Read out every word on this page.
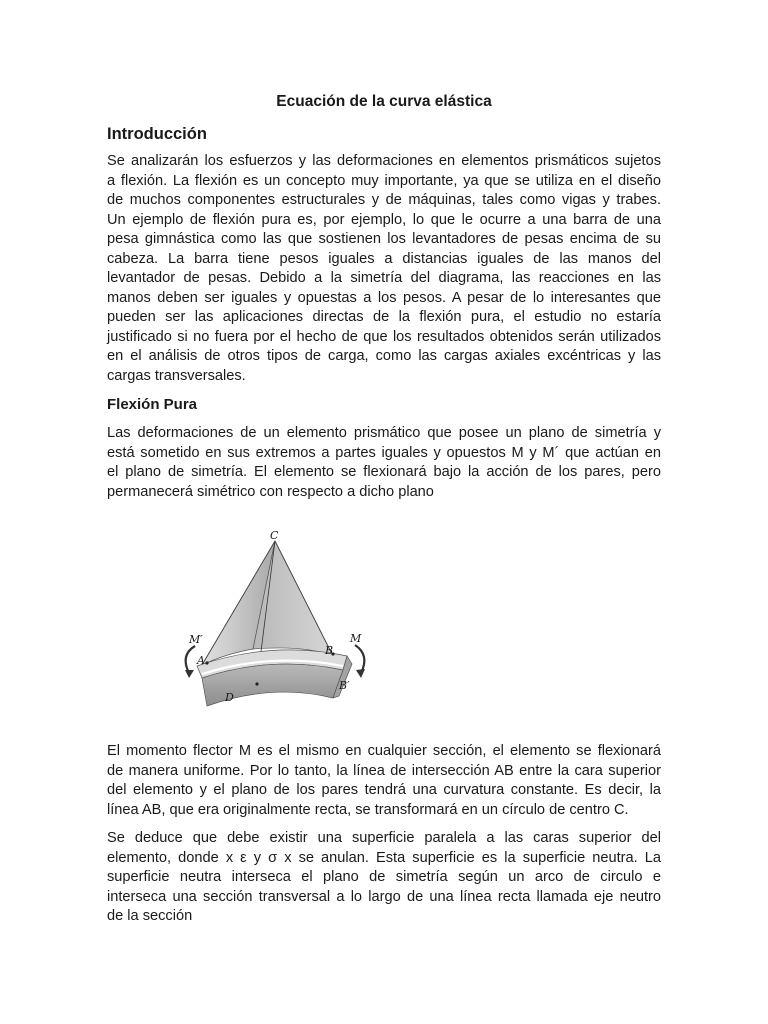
Ecuación de la curva elástica
Introducción

Se analizarán los esfuerzos y las deformaciones en elementos prismáticos sujetos
a flexión. La flexión es un concepto muy importante, ya que se utiliza en el diseño
de muchos componentes estructurales y de máquinas, tales como vigas y trabes.
Un ejemplo de flexión pura es, por ejemplo, lo que le ocurre a una barra de una
pesa gimnástica como las que sostienen los levantadores de pesas encima de su
cabeza. La barra tiene pesos iguales a distancias iguales de las manos del
levantador de pesas. Debido a la simetría del diagrama, las reacciones en las
manos deben ser iguales y opuestas a los pesos. A pesar de lo interesantes que
pueden ser las aplicaciones directas de la flexión pura, el estudio no estaría
justificado si no fuera por el hecho de que los resultados obtenidos serán utilizados
en el análisis de otros tipos de carga, como las cargas axiales excéntricas y las
cargas transversales.

Flexión Pura

Las deformaciones de un elemento prismático que posee un plano de simetría y
está sometido en sus extremos a partes iguales y opuestos M y M´ que actúan en
el plano de simetría. El elemento se flexionará bajo la acción de los pares, pero
permanecerá simétrico con respecto a dicho plano

C
M′	M
A
B
B′
D

El momento flector M es el mismo en cualquier sección, el elemento se flexionará
de manera uniforme. Por lo tanto, la línea de intersección AB entre la cara superior
del elemento y el plano de los pares tendrá una curvatura constante. Es decir, la
línea AB, que era originalmente recta, se transformará en un círculo de centro C.

Se deduce que debe existir una superficie paralela a las caras superior del
elemento, donde x ε y σ x se anulan. Esta superficie es la superficie neutra. La
superficie neutra interseca el plano de simetría según un arco de circulo e
interseca una sección transversal a lo largo de una línea recta llamada eje neutro
de la sección
